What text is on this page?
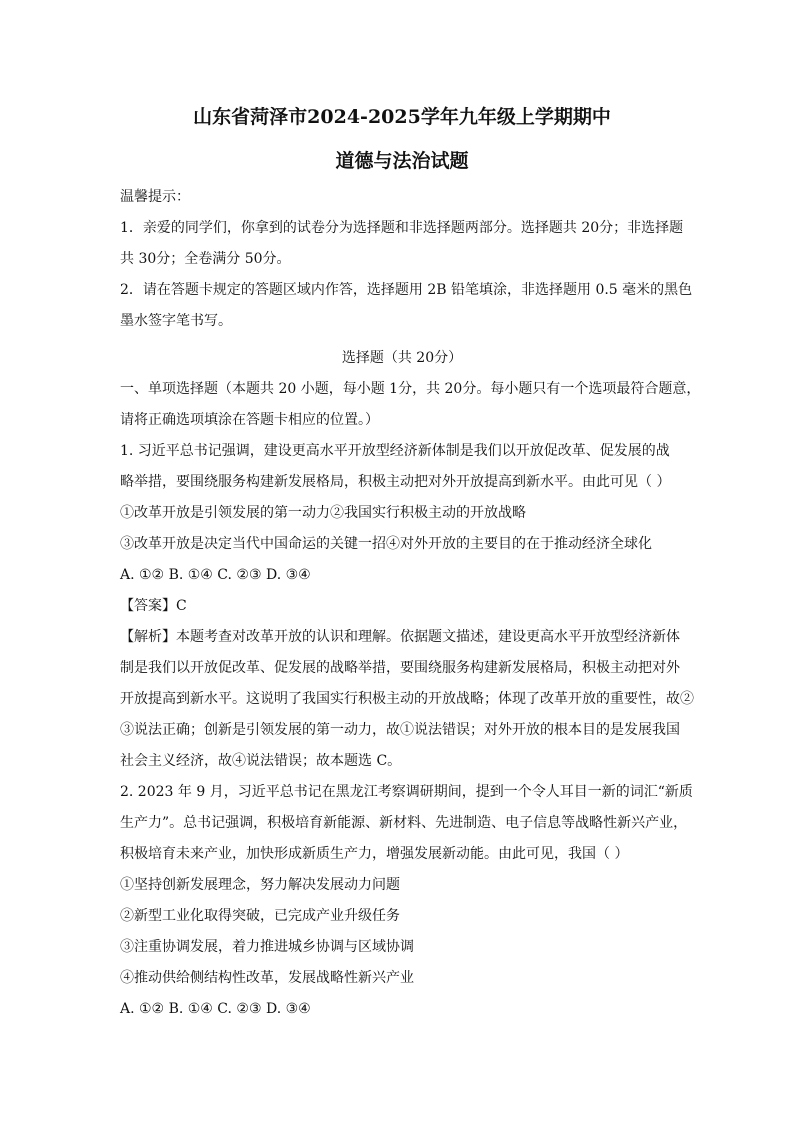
山东省菏泽市2024-2025学年九年级上学期期中

道德与法治试题

温馨提示：

1．亲爱的同学们，你拿到的试卷分为选择题和非选择题两部分。选择题共 20分；非选择题

共 30分；全卷满分 50分。

2．请在答题卡规定的答题区域内作答，选择题用 2B 铅笔填涂，非选择题用 0.5 毫米的黑色

墨水签字笔书写。

选择题（共 20分）

一、单项选择题（本题共 20 小题，每小题 1分，共 20分。每小题只有一个选项最符合题意，

请将正确选项填涂在答题卡相应的位置。）

1. 习近平总书记强调，建设更高水平开放型经济新体制是我们以开放促改革、促发展的战

略举措，要围绕服务构建新发展格局，积极主动把对外开放提高到新水平。由此可见（ ）

①改革开放是引领发展的第一动力②我国实行积极主动的开放战略

③改革开放是决定当代中国命运的关键一招④对外开放的主要目的在于推动经济全球化

A. ①② B. ①④ C. ②③ D. ③④

【答案】C

【解析】本题考查对改革开放的认识和理解。依据题文描述，建设更高水平开放型经济新体

制是我们以开放促改革、促发展的战略举措，要围绕服务构建新发展格局，积极主动把对外

开放提高到新水平。这说明了我国实行积极主动的开放战略；体现了改革开放的重要性，故②

③说法正确；创新是引领发展的第一动力，故①说法错误；对外开放的根本目的是发展我国

社会主义经济，故④说法错误；故本题选 C。

2. 2023 年 9 月，习近平总书记在黑龙江考察调研期间，提到一个令人耳目一新的词汇“新质

生产力”。总书记强调，积极培育新能源、新材料、先进制造、电子信息等战略性新兴产业，

积极培育未来产业，加快形成新质生产力，增强发展新动能。由此可见，我国（ ）

①坚持创新发展理念，努力解决发展动力问题

②新型工业化取得突破，已完成产业升级任务

③注重协调发展，着力推进城乡协调与区域协调

④推动供给侧结构性改革，发展战略性新兴产业

A. ①② B. ①④ C. ②③ D. ③④
